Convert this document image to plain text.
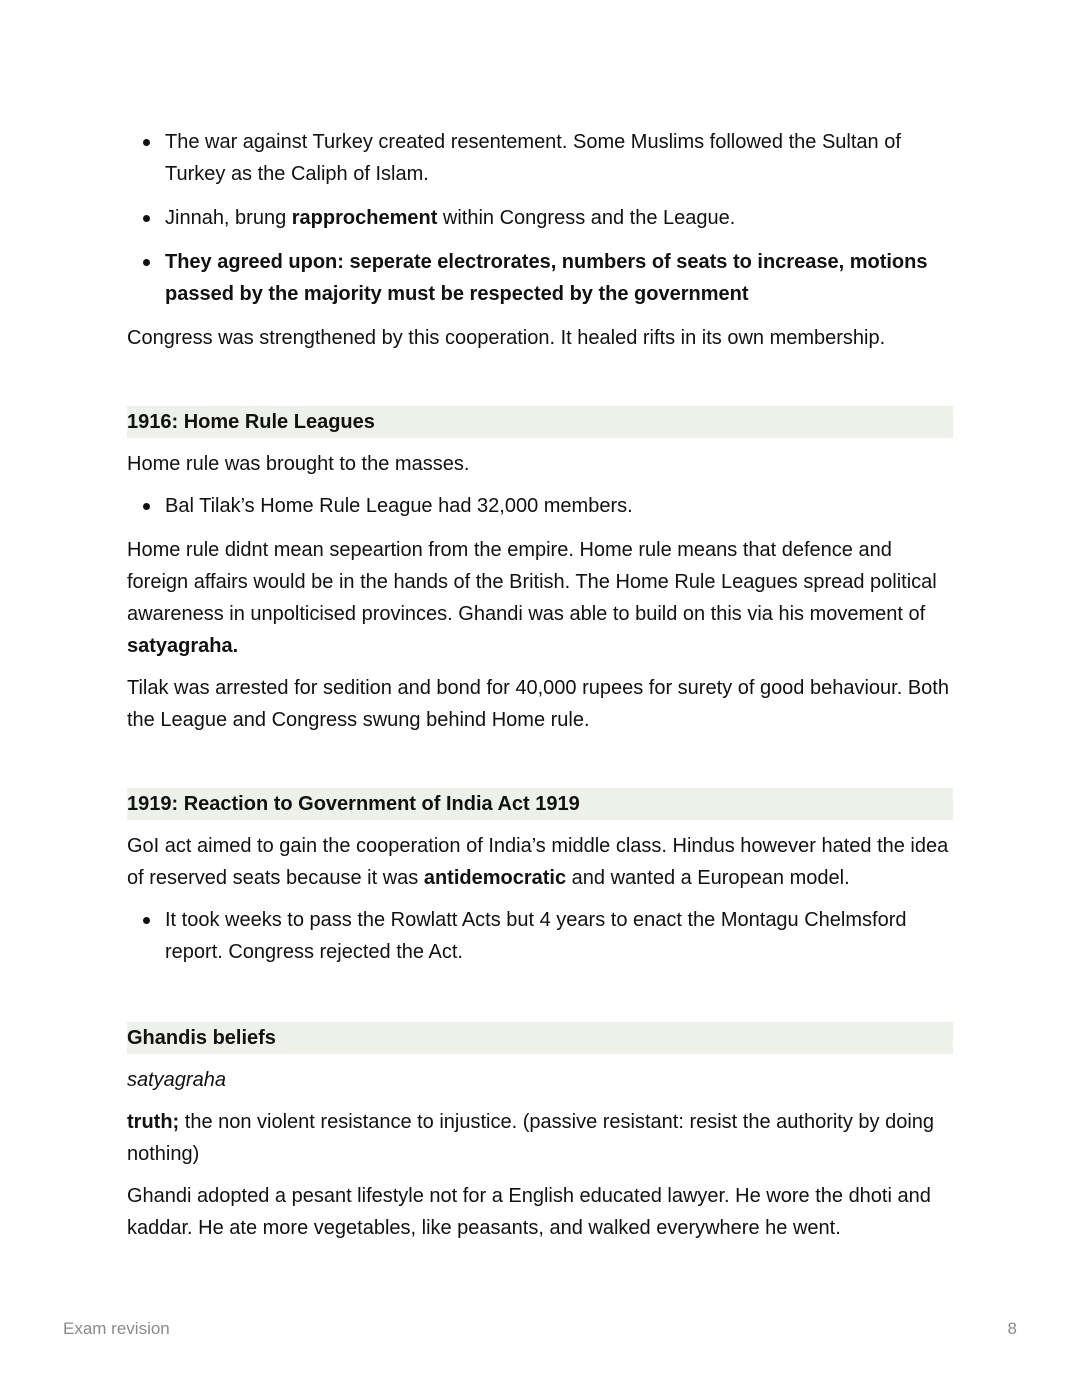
The war against Turkey created resentement. Some Muslims followed the Sultan of Turkey as the Caliph of Islam.
Jinnah, brung rapprochement within Congress and the League.
They agreed upon: seperate electrorates, numbers of seats to increase, motions passed by the majority must be respected by the government

Congress was strengthened by this cooperation. It healed rifts in its own membership.

1916: Home Rule Leagues

Home rule was brought to the masses.

Bal Tilak’s Home Rule League had 32,000 members.

Home rule didnt mean sepeartion from the empire. Home rule means that defence and foreign affairs would be in the hands of the British. The Home Rule Leagues spread political awareness in unpolticised provinces. Ghandi was able to build on this via his movement of satyagraha.

Tilak was arrested for sedition and bond for 40,000 rupees for surety of good behaviour. Both the League and Congress swung behind Home rule.

1919: Reaction to Government of India Act 1919

GoI act aimed to gain the cooperation of India’s middle class. Hindus however hated the idea of reserved seats because it was antidemocratic and wanted a European model.

It took weeks to pass the Rowlatt Acts but 4 years to enact the Montagu Chelmsford report. Congress rejected the Act.
Ghandis beliefs

satyagraha

truth; the non violent resistance to injustice. (passive resistant: resist the authority by doing nothing)

Ghandi adopted a pesant lifestyle not for a English educated lawyer. He wore the dhoti and kaddar. He ate more vegetables, like peasants, and walked everywhere he went.

Exam revision	8
